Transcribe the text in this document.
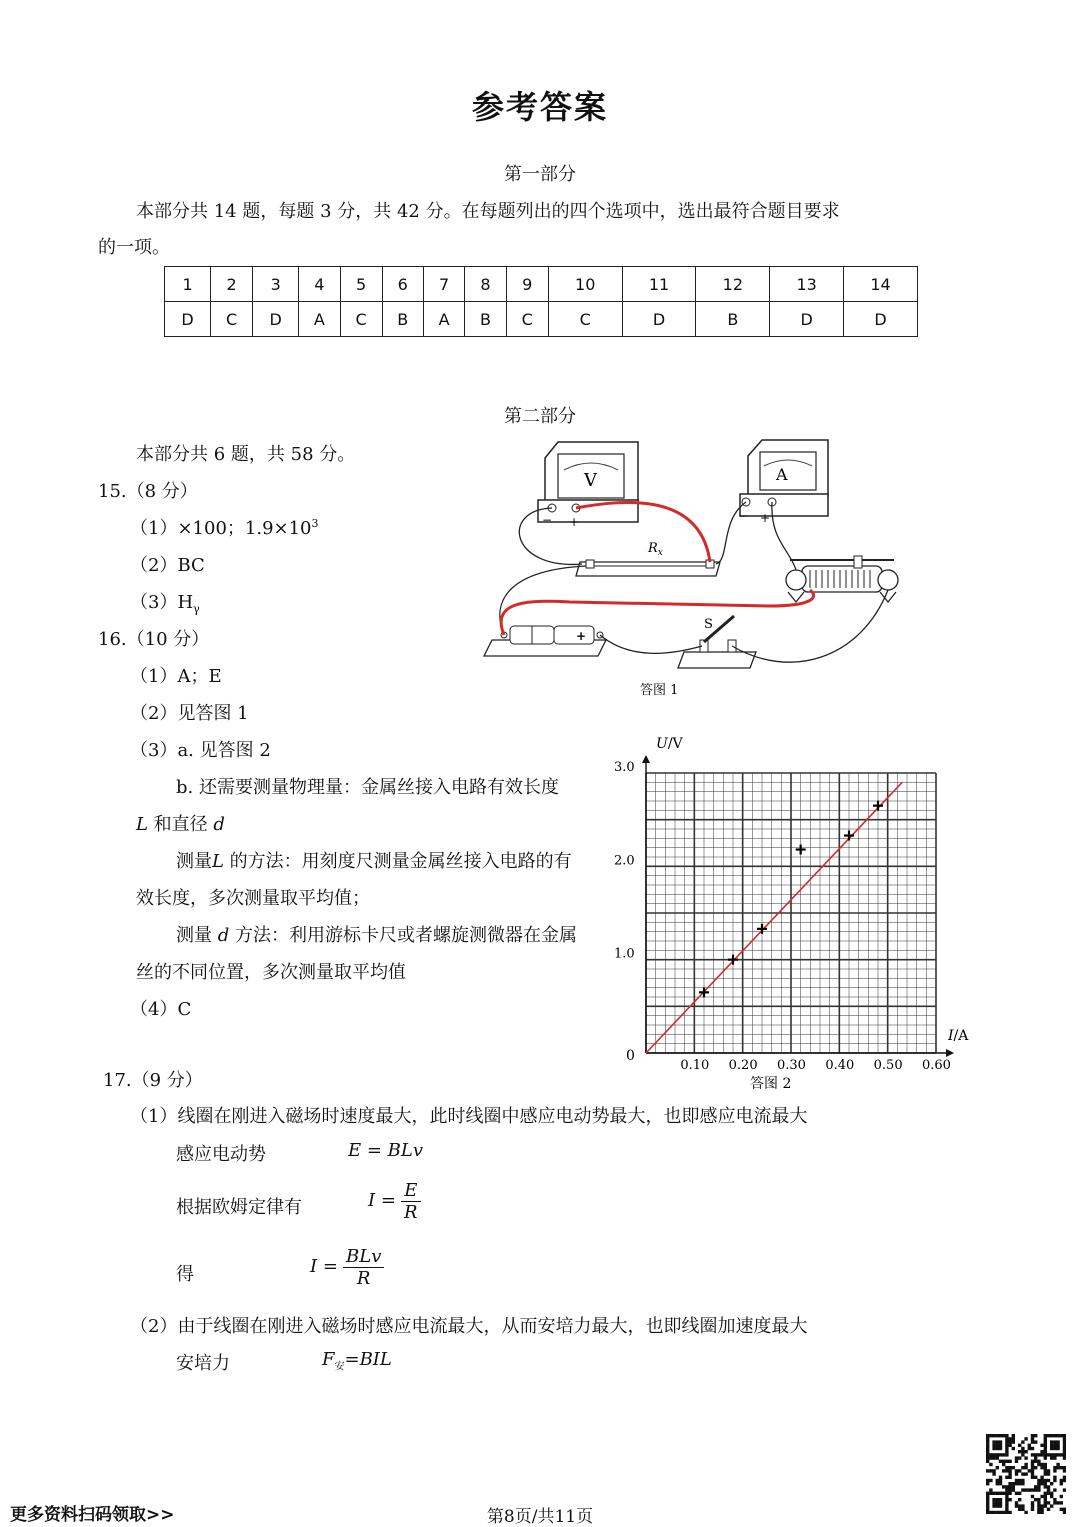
参考答案
第一部分
本部分共 14 题，每题 3 分，共 42 分。在每题列出的四个选项中，选出最符合题目要求
的一项。
1	2	3	4	5	6	7	8	9	10	11	12	13	14
D	C	D	A	C	B	A	B	C	C	D	B	D	D
第二部分
本部分共 6 题，共 58 分。
15.（8 分）
（1）×100；$1.9\times 10^3$
（2）BC
$(3)H_\gamma$
16.（10 分）
（1）A；E
（2）见答图 1
（3）a. 见答图 2
b. 还需要测量物理量：金属丝接入电路有效长度
L 和直径 d
测量L 的方法：用刻度尺测量金属丝接入电路的有
效长度，多次测量取平均值；
测量 d 方法：利用游标卡尺或者螺旋测微器在金属
丝的不同位置，多次测量取平均值
（4）C
17.（9 分）
（1）线圈在刚进入磁场时速度最大，此时线圈中感应电动势最大，也即感应电流最大
感应电动势	E = BLv
根据欧姆定律有	$I = \frac{E}{R}$
得	$I = \frac{\text{BLv}}{R}$
（2）由于线圈在刚进入磁场时感应电流最大，从而安培力最大，也即线圈加速度最大
安培力	$F_安=BIL$
V
− +
A
− +
$R_x$
+
S
答图 1
0.10 0.20 0.30 0.40 0.50 0.60
1.0
2.0
3.0
U/V
I/A
0
答图 2
更多资料扫码领取>>	第8页/共11页
